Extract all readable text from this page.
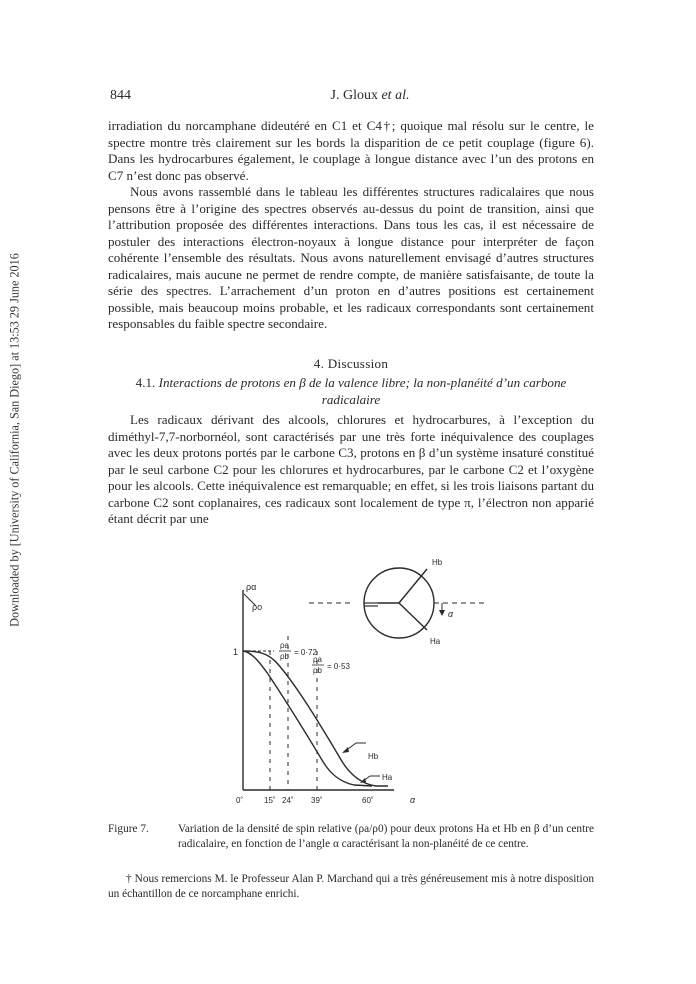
Downloaded by [University of California, San Diego] at 13:53 29 June 2016
844	J. Gloux et al.

irradiation du norcamphane dideutéré en C1 et C4†; quoique mal résolu sur le centre, le spectre montre très clairement sur les bords la disparition de ce petit couplage (figure 6). Dans les hydrocarbures également, le couplage à longue distance avec l’un des protons en C7 n’est donc pas observé.

Nous avons rassemblé dans le tableau les différentes structures radicalaires que nous pensons être à l’origine des spectres observés au-dessus du point de transition, ainsi que l’attribution proposée des différentes interactions. Dans tous les cas, il est nécessaire de postuler des interactions électron-noyaux à longue distance pour interpréter de façon cohérente l’ensemble des résultats. Nous avons naturellement envisagé d’autres structures radicalaires, mais aucune ne permet de rendre compte, de manière satisfaisante, de toute la série des spectres. L’arrachement d’un proton en d’autres positions est certainement possible, mais beaucoup moins probable, et les radicaux correspondants sont certainement responsables du faible spectre secondaire.

4. Discussion
4.1. Interactions de protons en β de la valence libre; la non-planéité d’un carbone radicalaire

Les radicaux dérivant des alcools, chlorures et hydrocarbures, à l’exception du diméthyl-7,7-norbornéol, sont caractérisés par une très forte inéquivalence des couplages avec les deux protons portés par le carbone C3, protons en β d’un système insaturé constitué par le seul carbone C2 pour les chlorures et hydrocarbures, par le carbone C2 et l’oxygène pour les alcools. Cette inéquivalence est remarquable; en effet, si les trois liaisons partant du carbone C2 sont coplanaires, ces radicaux sont localement de type π, l’électron non apparié étant décrit par une

ρα
ρo
1
ρa
ρb = 0·72
ρa
ρb = 0·53
Hb
Ha
0˚	15˚ 24˚ 39˚	60˚	α
α
Hb
Ha
Figure 7.	Variation de la densité de spin relative (ρa/ρ0) pour deux protons Ha et Hb en β d’un centre radicalaire, en fonction de l’angle α caractérisant la non-planéité de ce centre.
† Nous remercions M. le Professeur Alan P. Marchand qui a très généreusement mis à notre disposition un échantillon de ce norcamphane enrichi.
